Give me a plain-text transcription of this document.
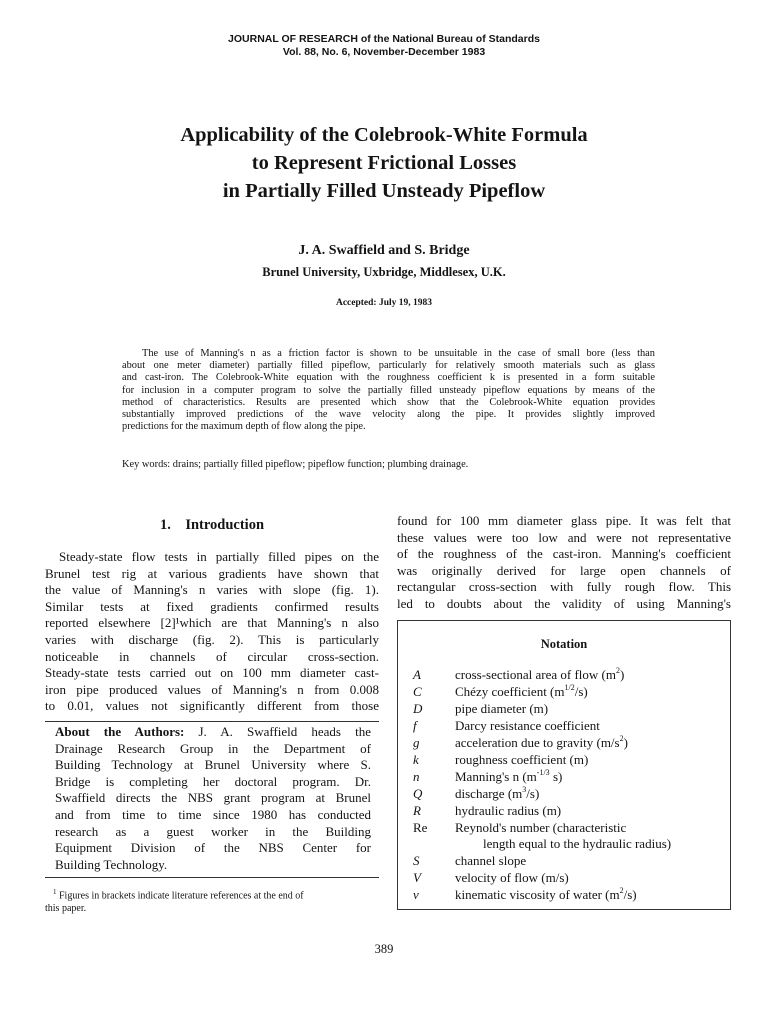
JOURNAL OF RESEARCH of the National Bureau of Standards
Vol. 88, No. 6, November-December 1983
Applicability of the Colebrook-White Formula
to Represent Frictional Losses
in Partially Filled Unsteady Pipeflow
J. A. Swaffield and S. Bridge
Brunel University, Uxbridge, Middlesex, U.K.
Accepted: July 19, 1983
The use of Manning's n as a friction factor is shown to be unsuitable in the case of small bore (less than
about one meter diameter) partially filled pipeflow, particularly for relatively smooth materials such as glass
and cast-iron. The Colebrook-White equation with the roughness coefficient k is presented in a form suitable
for inclusion in a computer program to solve the partially filled unsteady pipeflow equations by means of the
method of characteristics. Results are presented which show that the Colebrook-White equation provides
substantially improved predictions of the wave velocity along the pipe. It provides slightly improved
predictions for the maximum depth of flow along the pipe.
Key words: drains; partially filled pipeflow; pipeflow function; plumbing drainage.
1. Introduction
Steady-state flow tests in partially filled pipes on the
Brunel test rig at various gradients have shown that
the value of Manning's n varies with slope (fig. 1).
Similar tests at fixed gradients confirmed results
reported elsewhere [2]¹which are that Manning's n also
varies with discharge (fig. 2). This is particularly
noticeable in channels of circular cross-section.
Steady-state tests carried out on 100 mm diameter cast-
iron pipe produced values of Manning's n from 0.008
to 0.01, values not significantly different from those
About the Authors: J. A. Swaffield heads the
Drainage Research Group in the Department of
Building Technology at Brunel University where S.
Bridge is completing her doctoral program. Dr.
Swaffield directs the NBS grant program at Brunel
and from time to time since 1980 has conducted
research as a guest worker in the Building
Equipment Division of the NBS Center for
Building Technology.
$^1$ Figures in brackets indicate literature references at the end of
this paper.
found for 100 mm diameter glass pipe. It was felt that
these values were too low and were not representative
of the roughness of the cast-iron. Manning's coefficient
was originally derived for large open channels of
rectangular cross-section with fully rough flow. This
led to doubts about the validity of using Manning's
Notation
A	cross-sectional area of flow $(m^2)$
C	Chézy coefficient $(m^{1/2}/s)$
D	pipe diameter (m)
f	Darcy resistance coefficient
g	acceleration due to gravity $(m/s^2)$
k	roughness coefficient (m)
n	Manning's n ($m^{-1/3}$ s)
Q	discharge $(m^3/s)$
R	hydraulic radius (m)
Re	Reynold's number (characteristic
length equal to the hydraulic radius)
S	channel slope
V	velocity of flow (m/s)
ν	kinematic viscosity of water $(m^2/s)$
389
